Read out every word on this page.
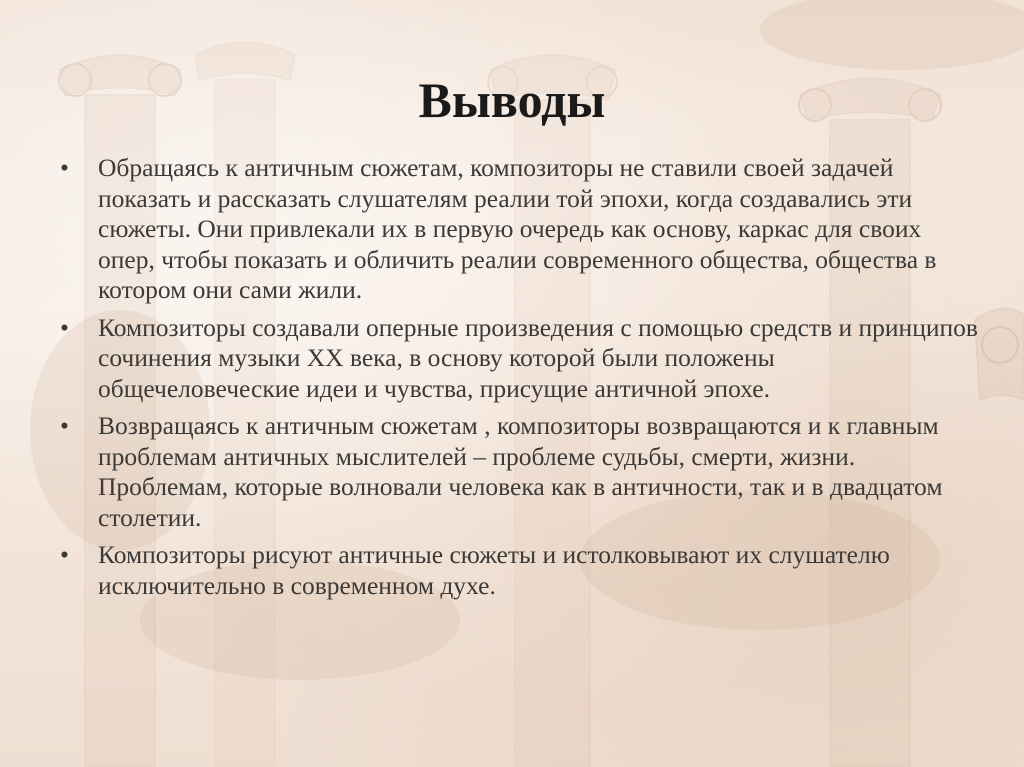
Выводы
•	Обращаясь к античным сюжетам, композиторы не ставили своей задачей показать и рассказать слушателям реалии той эпохи, когда создавались эти сюжеты. Они привлекали их в первую очередь как основу, каркас для своих опер, чтобы показать и обличить реалии современного общества, общества в котором они сами жили.
•	Композиторы создавали оперные произведения с помощью средств и принципов сочинения музыки XX века, в основу которой были положены общечеловеческие идеи и чувства, присущие античной эпохе.
•	Возвращаясь к античным сюжетам , композиторы возвращаются и к главным проблемам античных мыслителей – проблеме судьбы, смерти, жизни. Проблемам, которые волновали человека как в античности, так и в двадцатом столетии.
•	Композиторы рисуют античные сюжеты и истолковывают их слушателю исключительно в современном духе.
